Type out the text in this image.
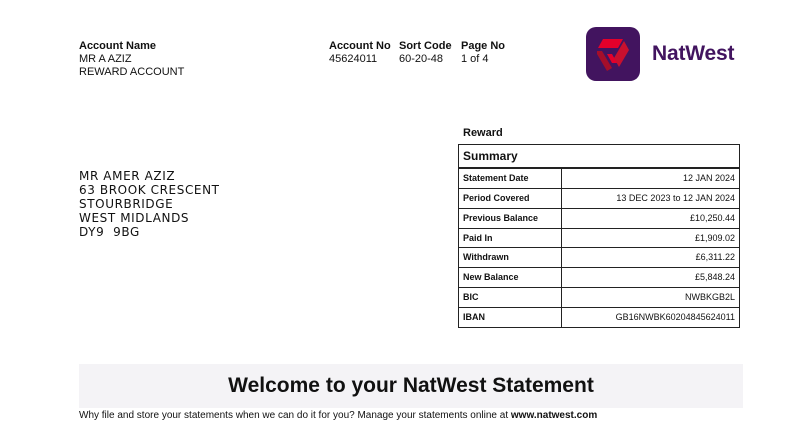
Account Name
MR A AZIZ
REWARD ACCOUNT
Account No
45624011
Sort Code
60-20-48
Page No
1 of 4	NatWest
MR AMER AZIZ
63 BROOK CRESCENT
STOURBRIDGE
WEST MIDLANDS
DY9  9BG
Reward
Summary
Statement Date	12 JAN 2024
Period Covered	13 DEC 2023 to 12 JAN 2024
Previous Balance	£10,250.44
Paid In	£1,909.02
Withdrawn	£6,311.22
New Balance	£5,848.24
BIC	NWBKGB2L
IBAN	GB16NWBK60204845624011
Welcome to your NatWest Statement
Why file and store your statements when we can do it for you? Manage your statements online at www.natwest.com
